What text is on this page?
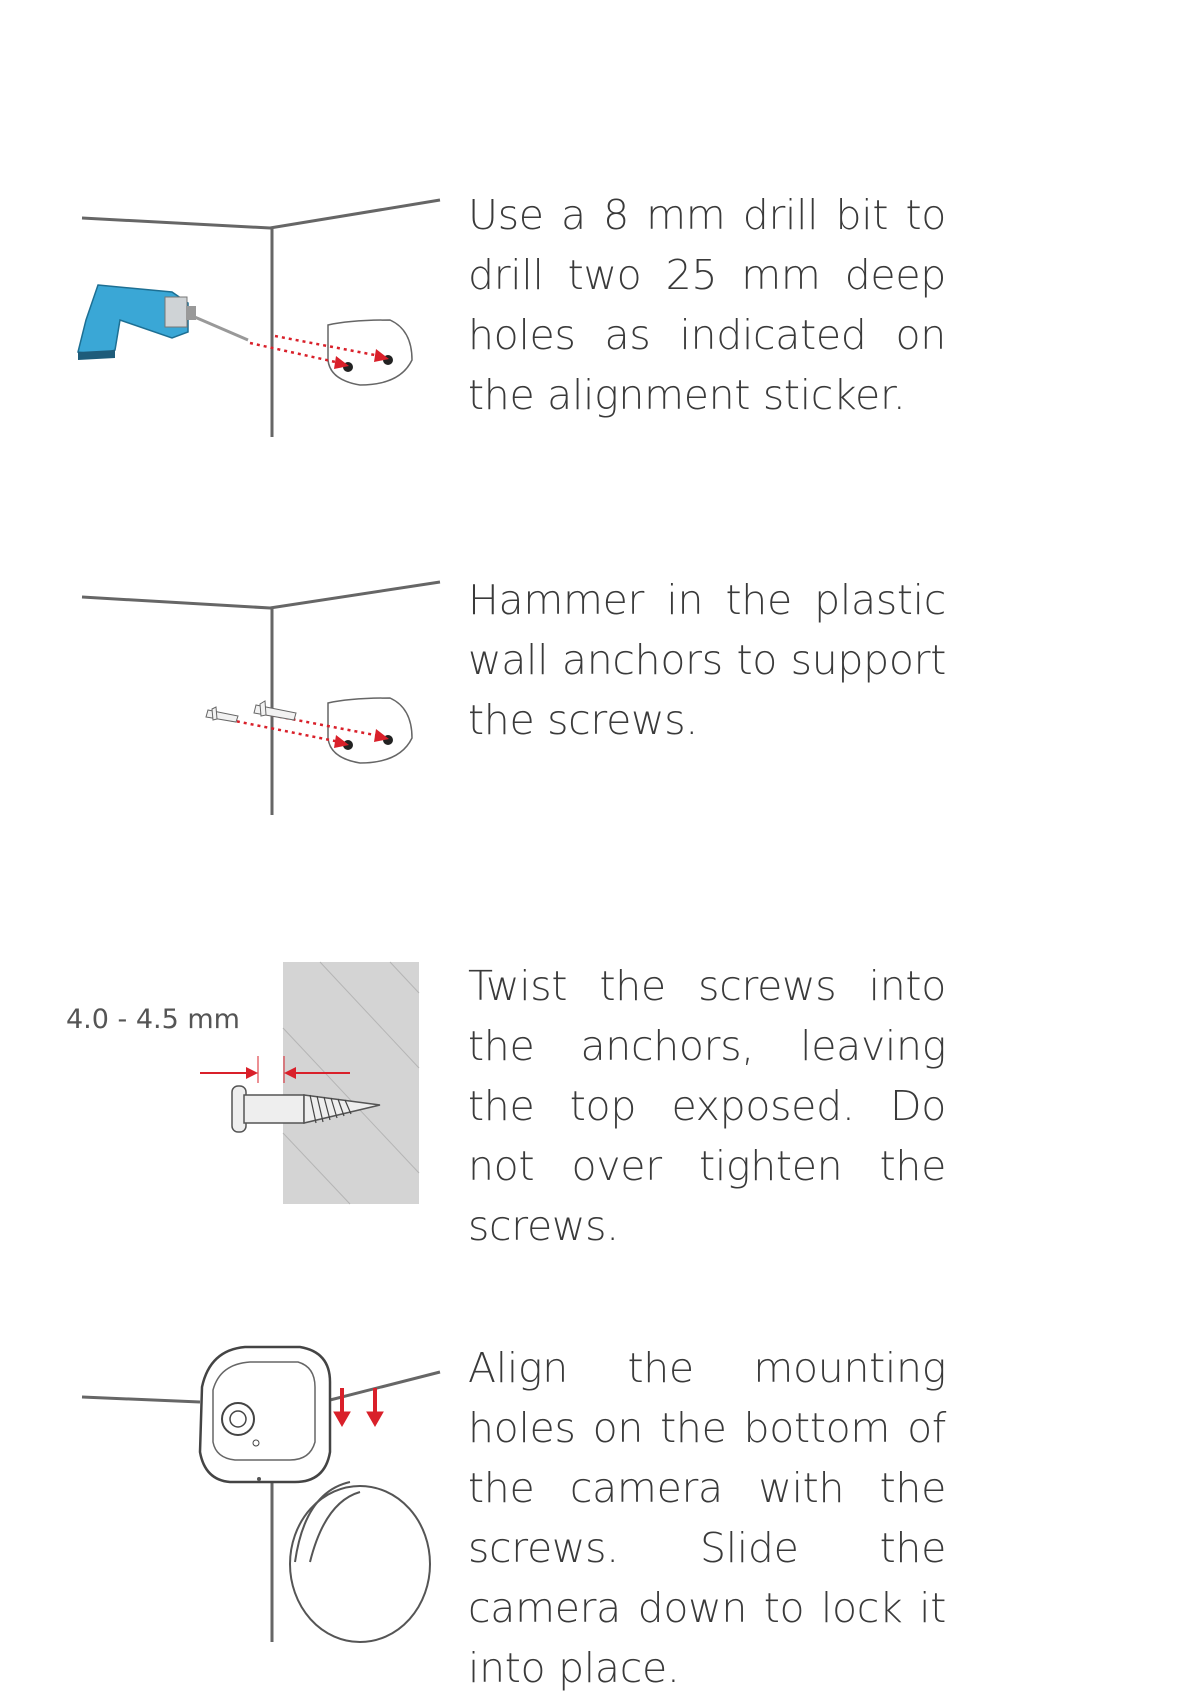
Use a 8 mm drill bit to drill two 25 mm deep holes as indicated on the alignment sticker.
Hammer in the plastic wall anchors to support the screws.
4.0 - 4.5 mm
Twist the screws into the anchors, leaving the top exposed. Do not over tighten the screws.
Align the mounting holes on the bottom of the camera with the screws. Slide the camera down to lock it into place.
